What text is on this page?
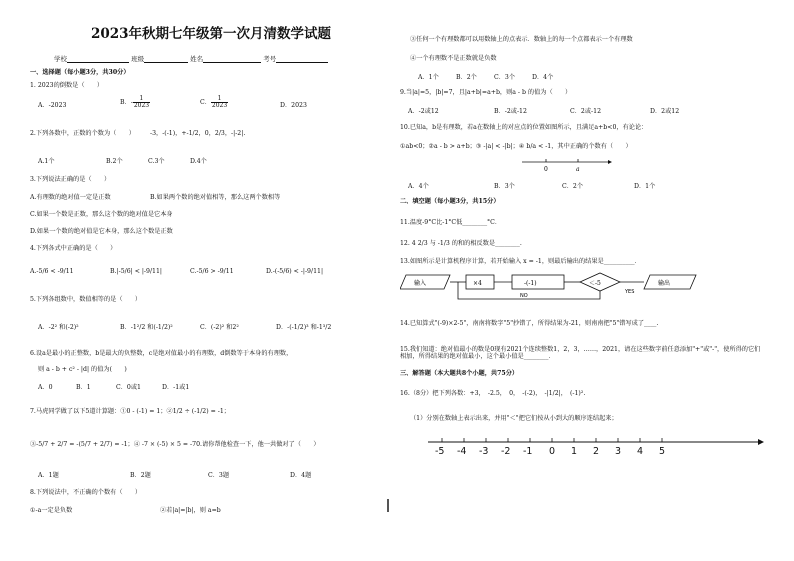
2023年秋期七年级第一次月清数学试题
学校	班级	姓名	考号
一、选择题（每小题3分，共30分）
1. 2023的倒数是（　　）
A．-2023	B．- $\frac{1}{2023}$	C． $\frac{1}{2023}$	D．2023
2.下列各数中，正数的个数为（　　） -3，-(-1)，+-1/2，0，2/3，-|-2|.
A.1个	B.2个	C.3个	D.4个
3.下列说法正确的是（　　）
A.有理数的绝对值一定是正数	B.如果两个数的绝对值相等，那么这两个数相等
C.如果一个数是正数，那么这个数的绝对值是它本身
D.如果一个数的绝对值是它本身，那么这个数是正数
4.下列各式中正确的是（　　）
A.-5/6 < -9/11	B.|-5/6| < |-9/11|	C.-5/6 > -9/11	D.-(-5/6) < -|-9/11|
5.下列各组数中，数值相等的是（　　）
A．-2² 和(-2)²	B．-1²/2 和(-1/2)²	C．(-2)² 和2²	D．-(-1/2)³ 和-1³/2
6.设a是最小的正整数，b是最大的负整数，c是绝对值最小的有理数，d倒数等于本身的有理数，
则 a - b + c² - |d| 的值为(　　)
A．0	B．1	C．0或1	D．-1或1
7.马虎同学做了以下5道计算题：①0 - (-1) = 1；②1/2 ÷ (-1/2) = -1；
③-5/7 + 2/7 = -(5/7 + 2/7) = -1；④ -7 × (-5) × 5 = -70.请你帮他检查一下，他一共做对了（　　）
A．1题	B．2题	C．3题	D．4题
8.下列说法中，不正确的个数有（　　）
①-a一定是负数	②若|a|=|b|，则 a=b
③任何一个有理数都可以用数轴上的点表示．数轴上的每一个点都表示一个有理数
④一个有理数不是正数就是负数
A．1个	B．2个	C．3个	D．4个
9.当|a|=5，|b|=7，且|a+b|=a+b，则a - b 的值为（　　）
A．-2或12	B．-2或-12	C．2或-12	D．2或12
10.已知a，b是有理数，若a在数轴上的对应点的位置如图所示，且满足a+b<0，有论论：
①ab<0；②a - b > a+b；③ -|a| < -|b|；④ b/a < -1，其中正确的个数有（　　）
0	a
A．4个	B．3个	C．2个	D．1个
二、填空题（每小题3分，共15分）
11.温度-9°C比-1°C低________°C．
12. 4 2/3 与 -1/3 的和的相反数是________.
13.如图所示是计算机程序计算，若开始输入 x = -1，则最后输出的结果是__________．
输入	×4	-(-1)	＜-5
YES
输出
NO
14.已知算式"(-9)×2-5"，南南将数字"5"抄错了，所得结果为-21，则南南把"5"错写成了____.
15.我们知道：绝对值最小的数是0现有2021个连续整数1，2，3，……，2021，请在这些数字前任意添加"+"或"-"，使所得的它们相加，所得结果的绝对值最小，这个最小值是________．
三、解答题（本大题共8个小题，共75分）
16.（8分）把下列各数：+3，　-2.5，　0，　-(-2)，　-|1/2|，　(-1)².
（1）分别在数轴上表示出来，并用"＜"把它们按从小到大的顺序连结起来；
-5 -4 -3 -2 -1 0 1 2 3 4 5
